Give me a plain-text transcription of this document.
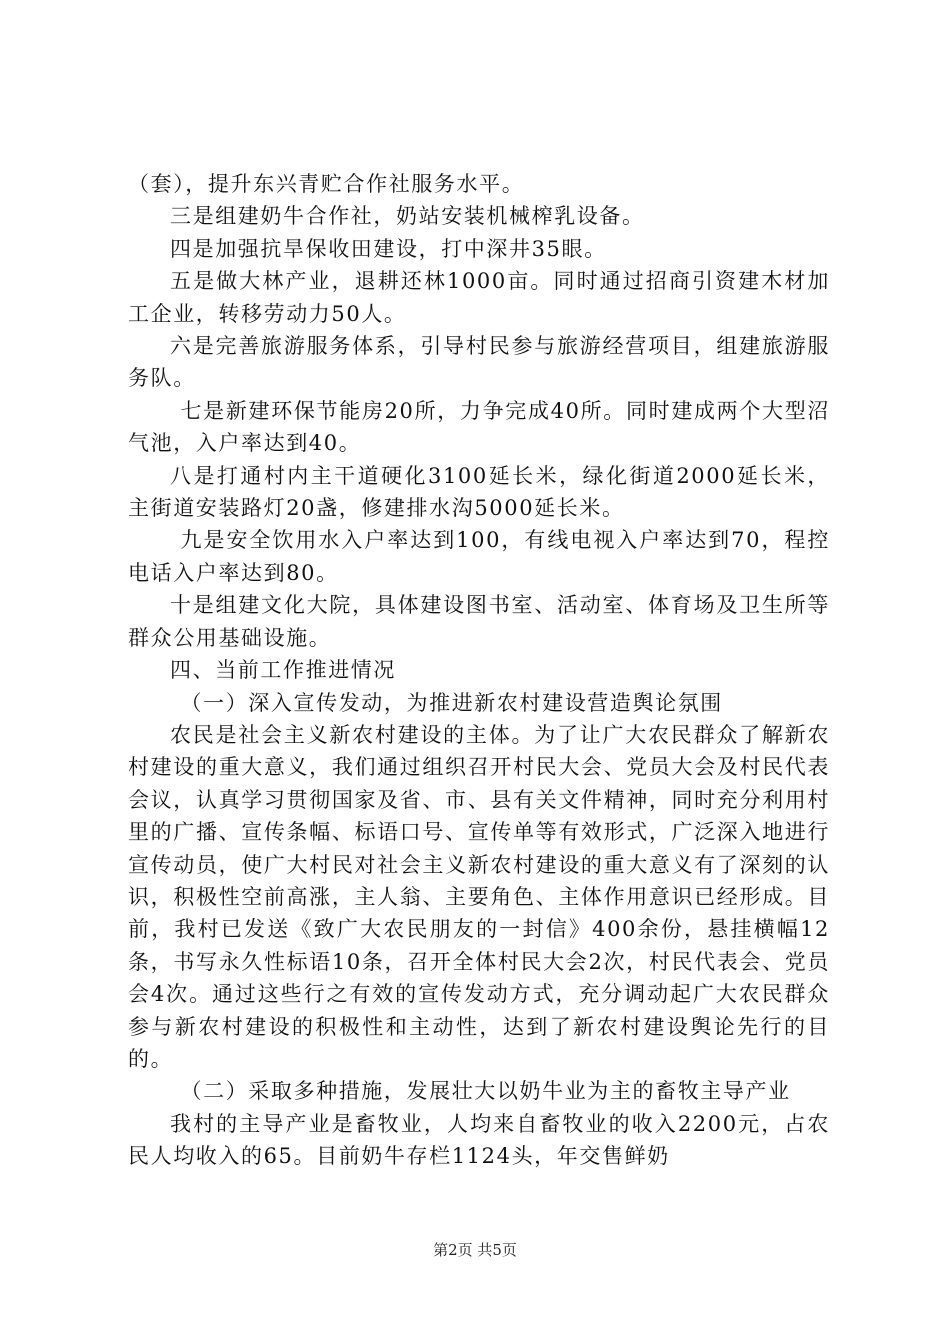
（套），提升东兴青贮合作社服务水平。

三是组建奶牛合作社，奶站安装机械榨乳设备。

四是加强抗旱保收田建设，打中深井35眼。

五是做大林产业，退耕还林1000亩。同时通过招商引资建木材加工企业，转移劳动力50人。

六是完善旅游服务体系，引导村民参与旅游经营项目，组建旅游服务队。

七是新建环保节能房20所，力争完成40所。同时建成两个大型沼气池，入户率达到40。

八是打通村内主干道硬化3100延长米，绿化街道2000延长米，主街道安装路灯20盏，修建排水沟5000延长米。

九是安全饮用水入户率达到100，有线电视入户率达到70，程控电话入户率达到80。

十是组建文化大院，具体建设图书室、活动室、体育场及卫生所等群众公用基础设施。

四、当前工作推进情况

（一）深入宣传发动，为推进新农村建设营造舆论氛围

农民是社会主义新农村建设的主体。为了让广大农民群众了解新农村建设的重大意义，我们通过组织召开村民大会、党员大会及村民代表会议，认真学习贯彻国家及省、市、县有关文件精神，同时充分利用村里的广播、宣传条幅、标语口号、宣传单等有效形式，广泛深入地进行宣传动员，使广大村民对社会主义新农村建设的重大意义有了深刻的认识，积极性空前高涨，主人翁、主要角色、主体作用意识已经形成。目前，我村已发送《致广大农民朋友的一封信》400余份，悬挂横幅12条，书写永久性标语10条，召开全体村民大会2次，村民代表会、党员会4次。通过这些行之有效的宣传发动方式，充分调动起广大农民群众参与新农村建设的积极性和主动性，达到了新农村建设舆论先行的目的。

（二）采取多种措施，发展壮大以奶牛业为主的畜牧主导产业

我村的主导产业是畜牧业，人均来自畜牧业的收入2200元，占农民人均收入的65。目前奶牛存栏1124头，年交售鲜奶

第2页 共5页
